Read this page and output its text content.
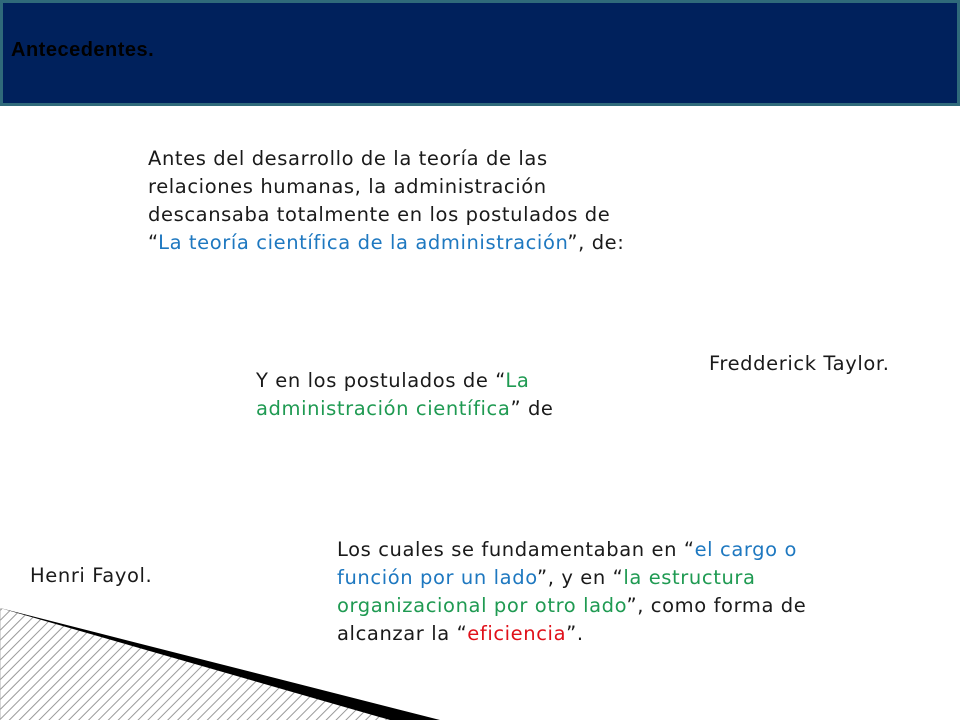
Antecedentes.
Antes del desarrollo de la teoría de las
relaciones humanas, la administración
descansaba totalmente en los postulados de
“La teoría científica de la administración”, de:
Fredderick Taylor.
Y en los postulados de “La
administración científica” de
Henri Fayol.
Los cuales se fundamentaban en “el cargo o
función por un lado”, y en “la estructura
organizacional por otro lado”, como forma de
alcanzar la “eficiencia”.
